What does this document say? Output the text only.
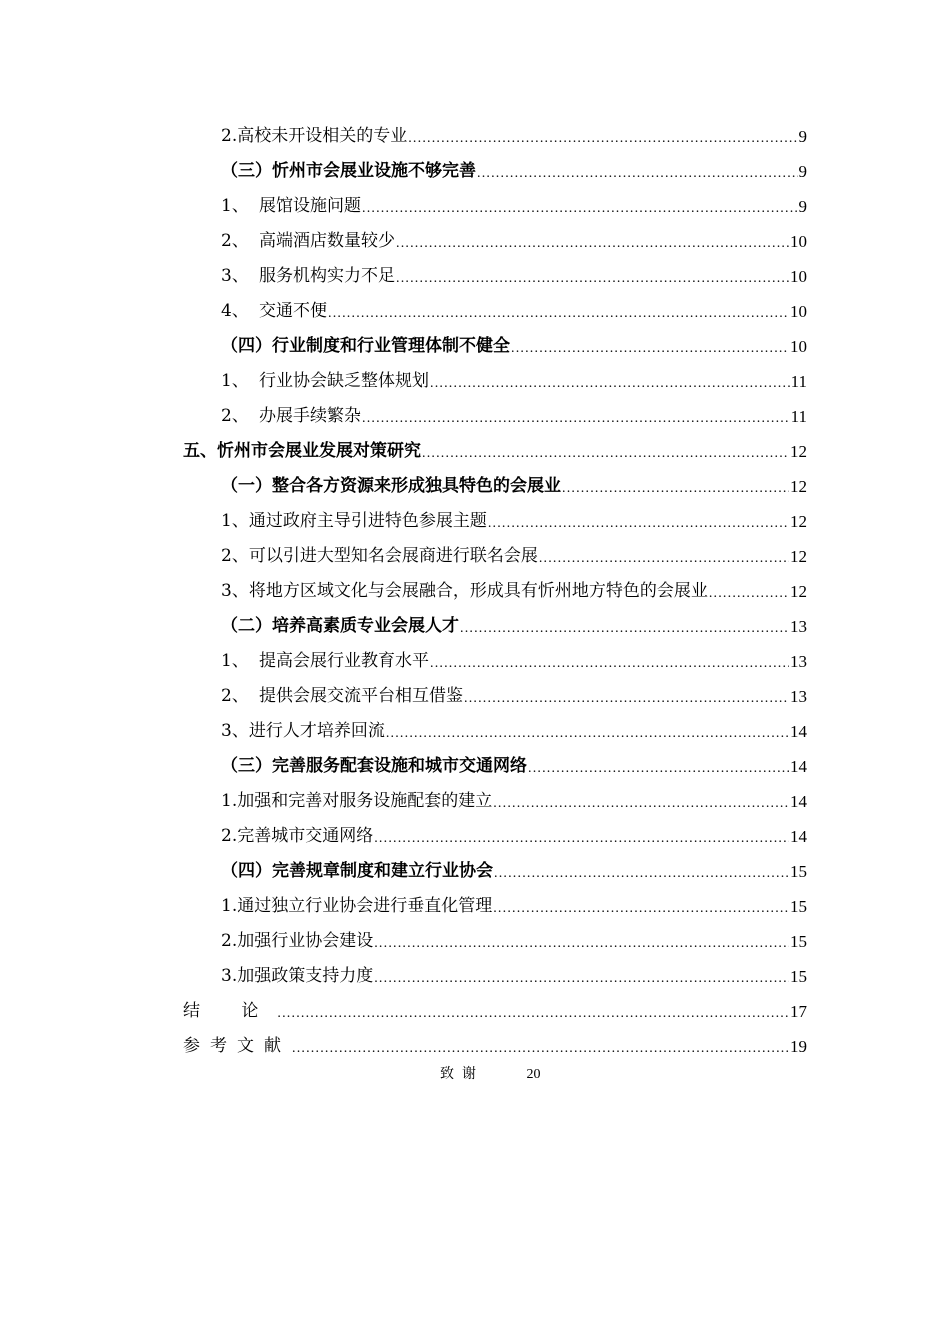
2.高校未开设相关的专业 .....	9
（三）忻州市会展业设施不够完善 .....	9
1、 展馆设施问题 .....	9
2、 高端酒店数量较少 .....	10
3、 服务机构实力不足 .....	10
4、 交通不便 .....	10
（四）行业制度和行业管理体制不健全 .....	10
1、 行业协会缺乏整体规划 .....	11
2、 办展手续繁杂 .....	11
五、忻州市会展业发展对策研究 .....	12
（一）整合各方资源来形成独具特色的会展业 .....	12
1、通过政府主导引进特色参展主题 .....	12
2、可以引进大型知名会展商进行联名会展 .....	12
3、将地方区域文化与会展融合，形成具有忻州地方特色的会展业 .....	12
（二）培养高素质专业会展人才 .....	13
1、 提高会展行业教育水平 .....	13
2、 提供会展交流平台相互借鉴 .....	13
3、进行人才培养回流 .....	14
（三）完善服务配套设施和城市交通网络 .....	14
1.加强和完善对服务设施配套的建立 .....	14
2.完善城市交通网络 .....	14
（四）完善规章制度和建立行业协会 .....	15
1.通过独立行业协会进行垂直化管理 .....	15
2.加强行业协会建设 .....	15
3.加强政策支持力度 .....	15
结 论 .....	17
参考文献 .....	19
致谢	20
